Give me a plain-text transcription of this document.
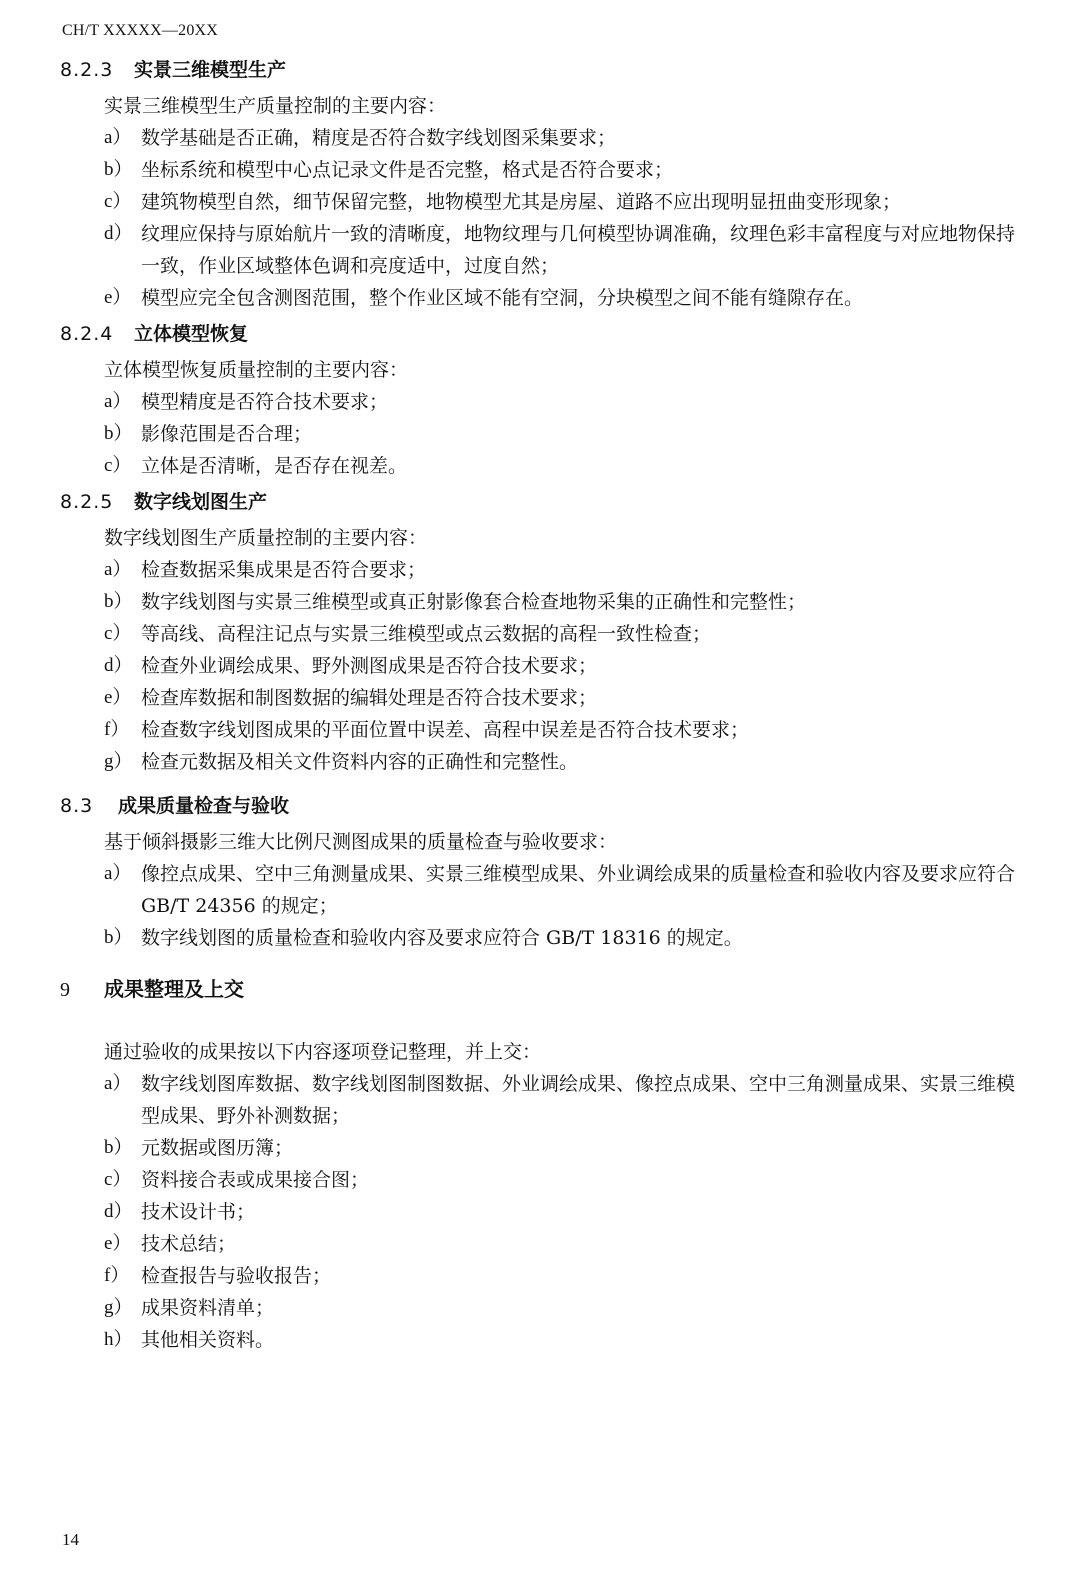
CH/T XXXXX—20XX
8.2.3 实景三维模型生产
实景三维模型生产质量控制的主要内容：
a） 数学基础是否正确，精度是否符合数字线划图采集要求；
b） 坐标系统和模型中心点记录文件是否完整，格式是否符合要求；
c） 建筑物模型自然，细节保留完整，地物模型尤其是房屋、道路不应出现明显扭曲变形现象；
d） 纹理应保持与原始航片一致的清晰度，地物纹理与几何模型协调准确，纹理色彩丰富程度与对应地物保持一致，作业区域整体色调和亮度适中，过度自然；
e） 模型应完全包含测图范围，整个作业区域不能有空洞，分块模型之间不能有缝隙存在。
8.2.4 立体模型恢复
立体模型恢复质量控制的主要内容：
a） 模型精度是否符合技术要求；
b） 影像范围是否合理；
c） 立体是否清晰，是否存在视差。
8.2.5 数字线划图生产
数字线划图生产质量控制的主要内容：
a） 检查数据采集成果是否符合要求；
b） 数字线划图与实景三维模型或真正射影像套合检查地物采集的正确性和完整性；
c） 等高线、高程注记点与实景三维模型或点云数据的高程一致性检查；
d） 检查外业调绘成果、野外测图成果是否符合技术要求；
e） 检查库数据和制图数据的编辑处理是否符合技术要求；
f） 检查数字线划图成果的平面位置中误差、高程中误差是否符合技术要求；
g） 检查元数据及相关文件资料内容的正确性和完整性。
8.3 成果质量检查与验收
基于倾斜摄影三维大比例尺测图成果的质量检查与验收要求：
a） 像控点成果、空中三角测量成果、实景三维模型成果、外业调绘成果的质量检查和验收内容及要求应符合 GB/T 24356 的规定；
b） 数字线划图的质量检查和验收内容及要求应符合 GB/T 18316 的规定。
9 成果整理及上交
通过验收的成果按以下内容逐项登记整理，并上交：
a） 数字线划图库数据、数字线划图制图数据、外业调绘成果、像控点成果、空中三角测量成果、实景三维模型成果、野外补测数据；
b） 元数据或图历簿；
c） 资料接合表或成果接合图；
d） 技术设计书；
e） 技术总结；
f） 检查报告与验收报告；
g） 成果资料清单；
h） 其他相关资料。
14
